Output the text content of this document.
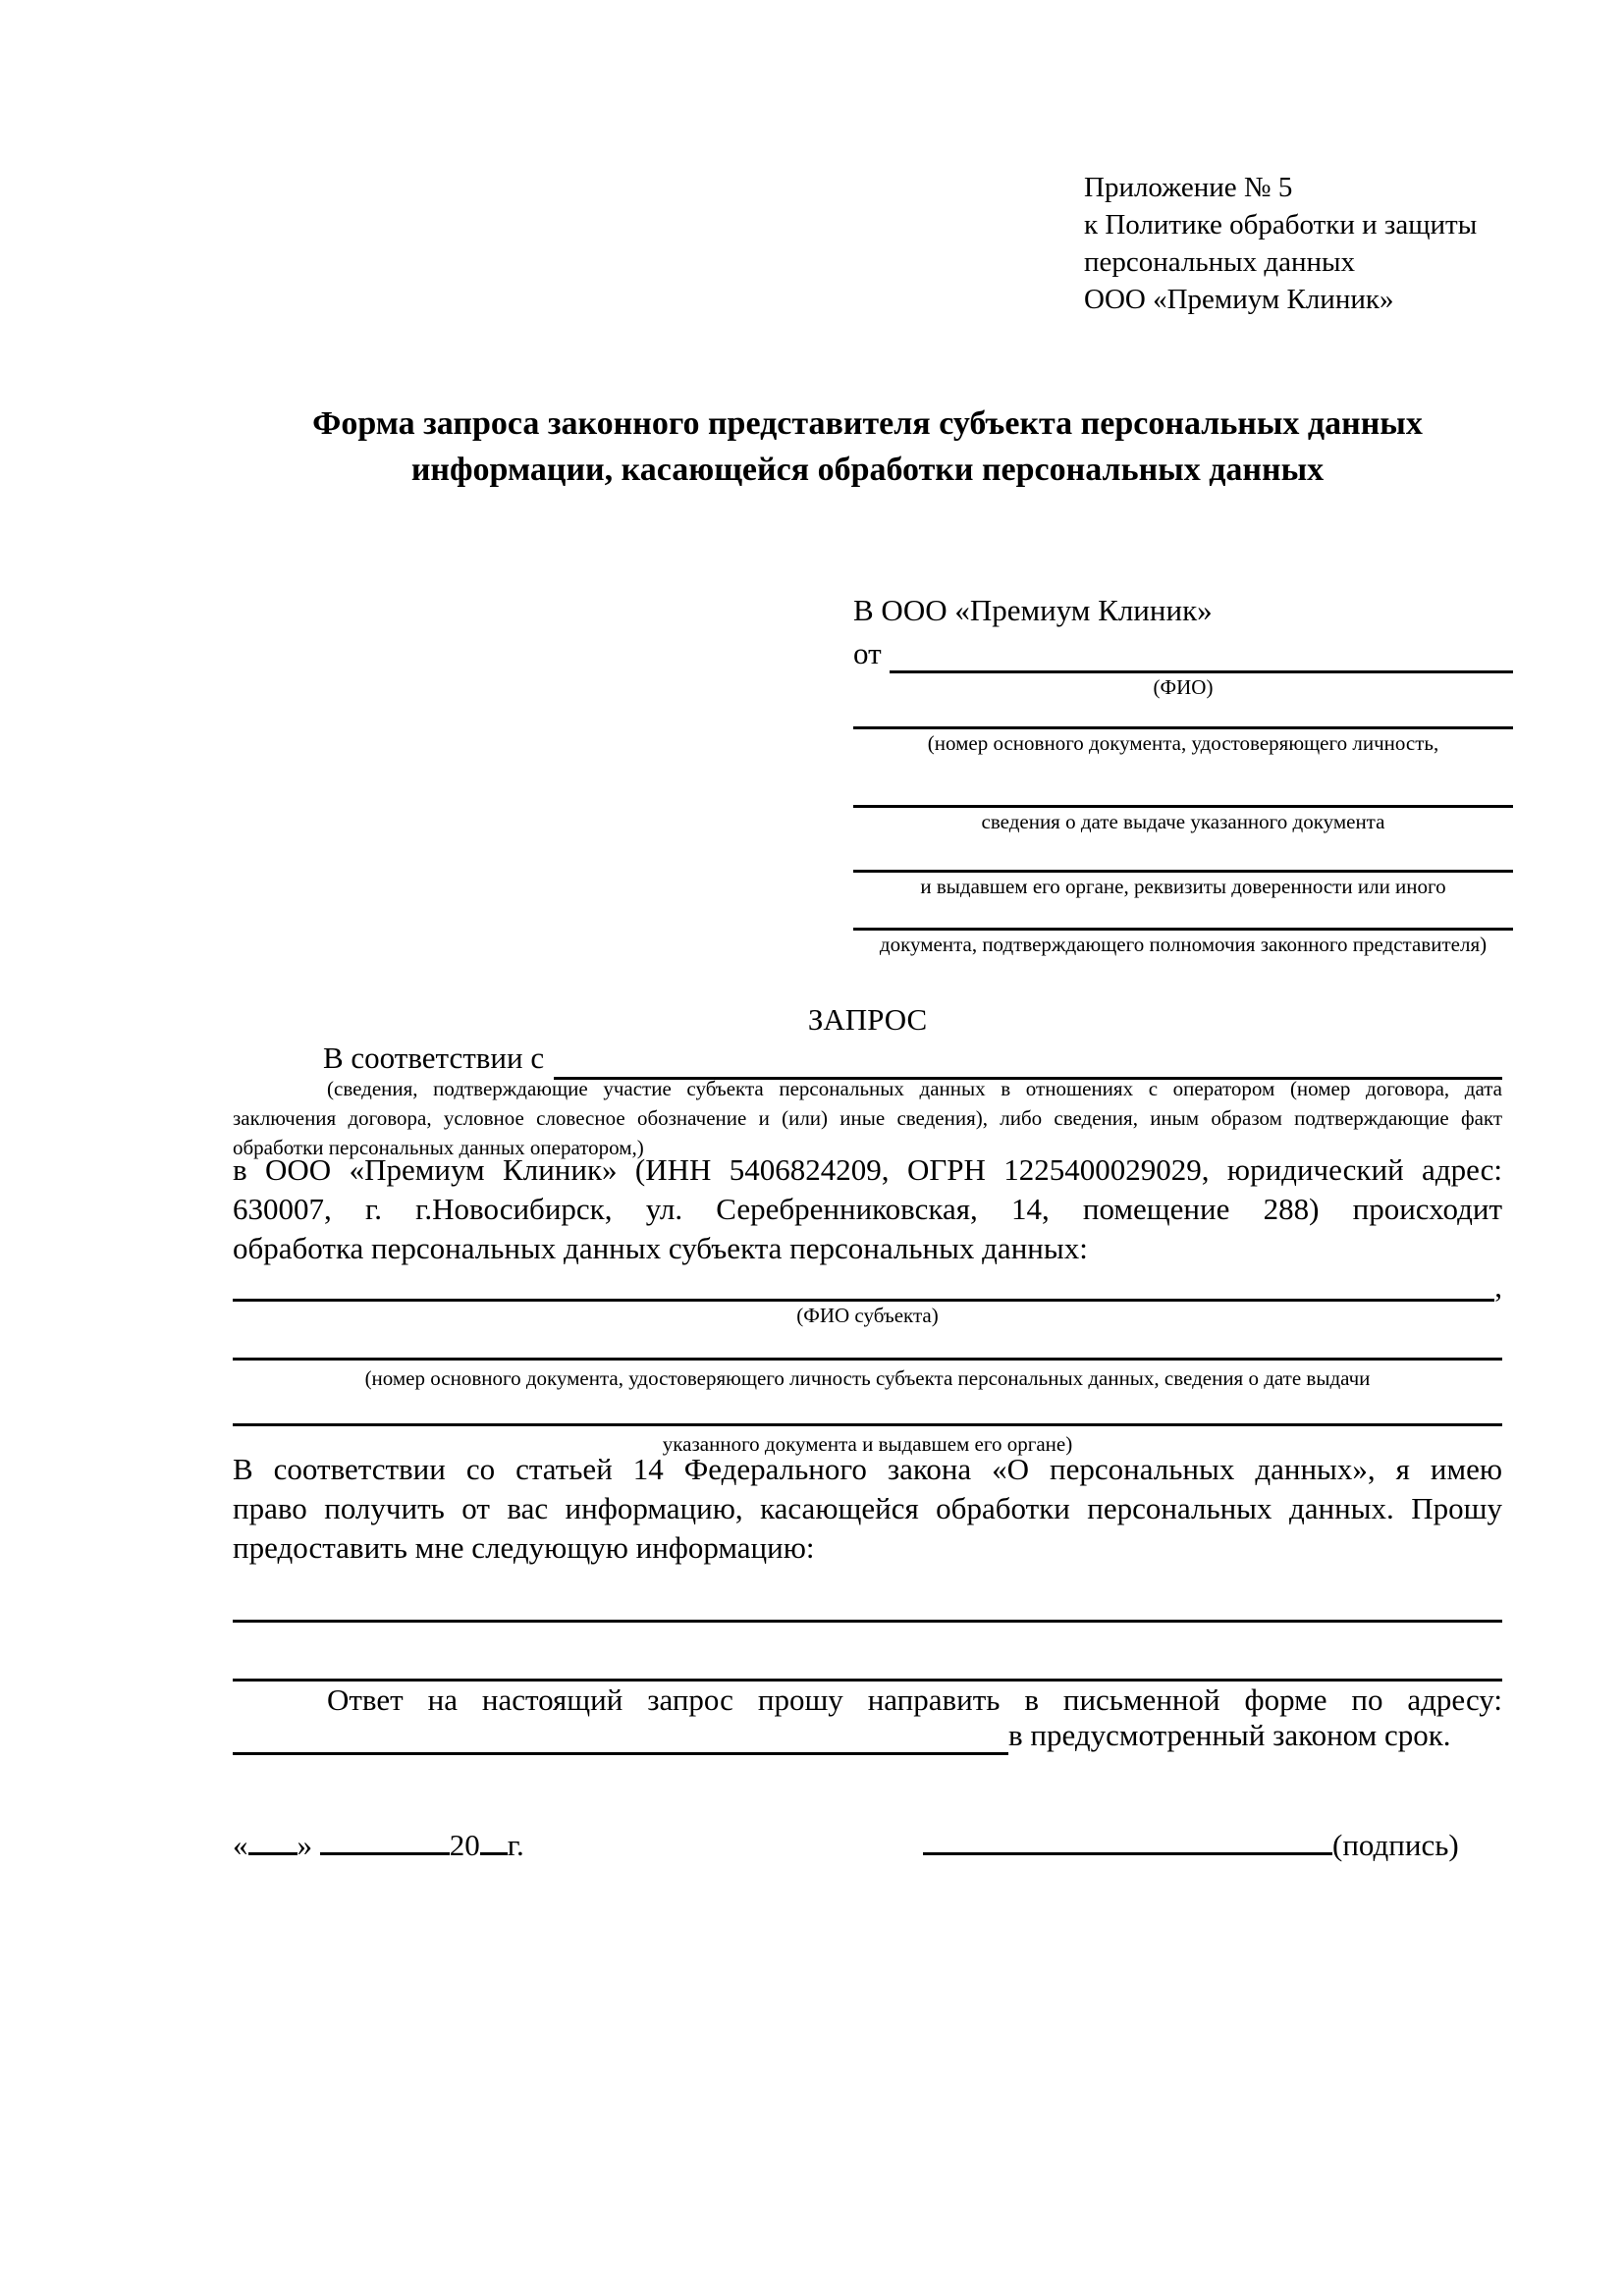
Приложение № 5
к Политике обработки и защиты
персональных данных
ООО «Премиум Клиник»
Форма запроса законного представителя субъекта персональных данных
информации, касающейся обработки персональных данных
В ООО «Премиум Клиник»
от
(ФИО)
(номер основного документа, удостоверяющего личность,
сведения о дате выдаче указанного документа
и выдавшем его органе, реквизиты доверенности или иного
документа, подтверждающего полномочия законного представителя)
ЗАПРОС
В соответствии с
(сведения, подтверждающие участие субъекта персональных данных в отношениях с оператором (номер договора, дата
заключения договора, условное словесное обозначение и (или) иные сведения), либо сведения, иным образом подтверждающие факт
обработки персональных данных оператором,)
в ООО «Премиум Клиник» (ИНН 5406824209, ОГРН 1225400029029, юридический адрес:
630007, г. г.Новосибирск, ул. Серебренниковская, 14, помещение 288) происходит
обработка персональных данных субъекта персональных данных:
,
(ФИО субъекта)
(номер основного документа, удостоверяющего личность субъекта персональных данных, сведения о дате выдачи
указанного документа и выдавшем его органе)
В соответствии со статьей 14 Федерального закона «О персональных данных», я имею
право получить от вас информацию, касающейся обработки персональных данных. Прошу
предоставить мне следующую информацию:
Ответ на настоящий запрос прошу направить в письменной форме по адресу:
в предусмотренный законом срок.
« »	20 г.	(подпись)
